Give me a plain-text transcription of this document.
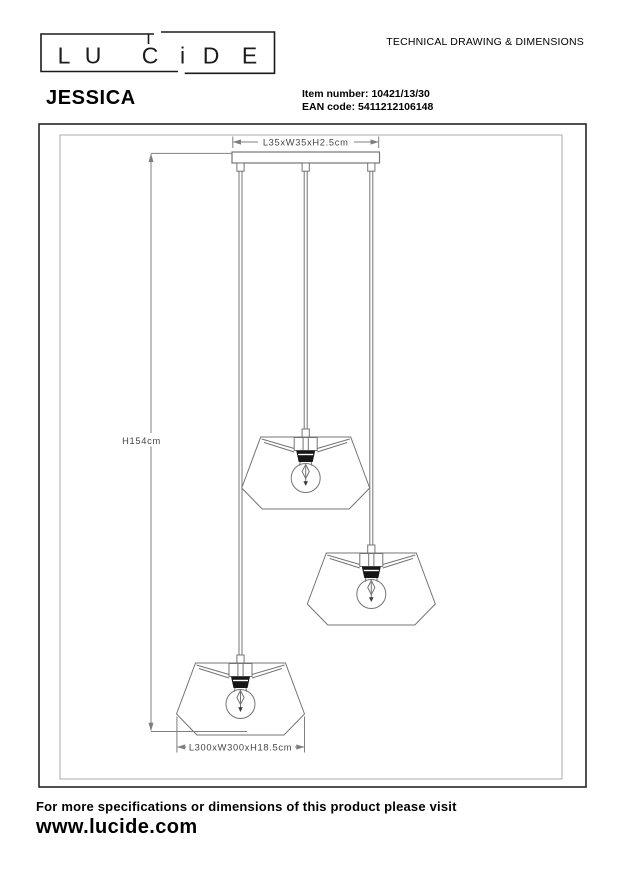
L U C i D E
TECHNICAL DRAWING & DIMENSIONS
JESSICA	Item number: 10421/13/30
EAN code: 5411212106148
L35xW35xH2.5cm
H154cm
L300xW300xH18.5cm
For more specifications or dimensions of this product please visit
www.lucide.com
